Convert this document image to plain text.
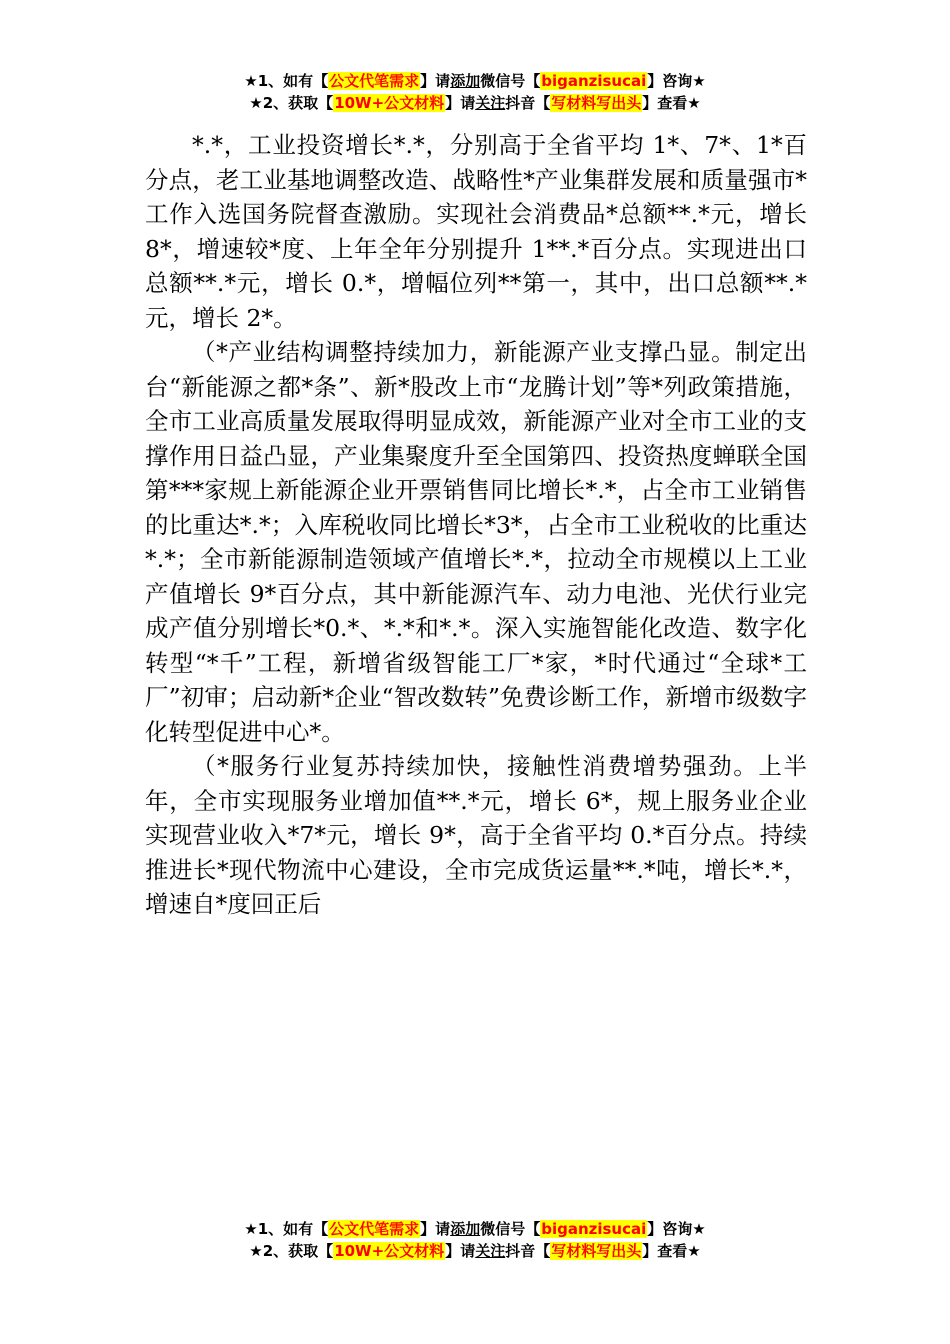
★1、如有【公文代笔需求】请添加微信号【biganzisucai】咨询★
★2、获取【10W+公文材料】请关注抖音【写材料写出头】查看★

*.*，工业投资增长*.*，分别高于全省平均 1*、7*、1*百分点，老工业基地调整改造、战略性*产业集群发展和质量强市*工作入选国务院督查激励。实现社会消费品*总额**.*元，增长 8*，增速较*度、上年全年分别提升 1**.*百分点。实现进出口总额**.*元，增长 0.*，增幅位列**第一，其中，出口总额**.*元，增长 2*。

（*产业结构调整持续加力，新能源产业支撑凸显。制定出台“新能源之都*条”、新*股改上市“龙腾计划”等*列政策措施，全市工业高质量发展取得明显成效，新能源产业对全市工业的支撑作用日益凸显，产业集聚度升至全国第四、投资热度蝉联全国第***家规上新能源企业开票销售同比增长*.*，占全市工业销售的比重达*.*；入库税收同比增长*3*，占全市工业税收的比重达*.*；全市新能源制造领域产值增长*.*，拉动全市规模以上工业产值增长 9*百分点，其中新能源汽车、动力电池、光伏行业完成产值分别增长*0.*、*.*和*.*。深入实施智能化改造、数字化转型“*千”工程，新增省级智能工厂*家，*时代通过“全球*工厂”初审；启动新*企业“智改数转”免费诊断工作，新增市级数字化转型促进中心*。

（*服务行业复苏持续加快，接触性消费增势强劲。上半年，全市实现服务业增加值**.*元，增长 6*，规上服务业企业实现营业收入*7*元，增长 9*，高于全省平均 0.*百分点。持续推进长*现代物流中心建设，全市完成货运量**.*吨，增长*.*，增速自*度回正后

★1、如有【公文代笔需求】请添加微信号【biganzisucai】咨询★
★2、获取【10W+公文材料】请关注抖音【写材料写出头】查看★
